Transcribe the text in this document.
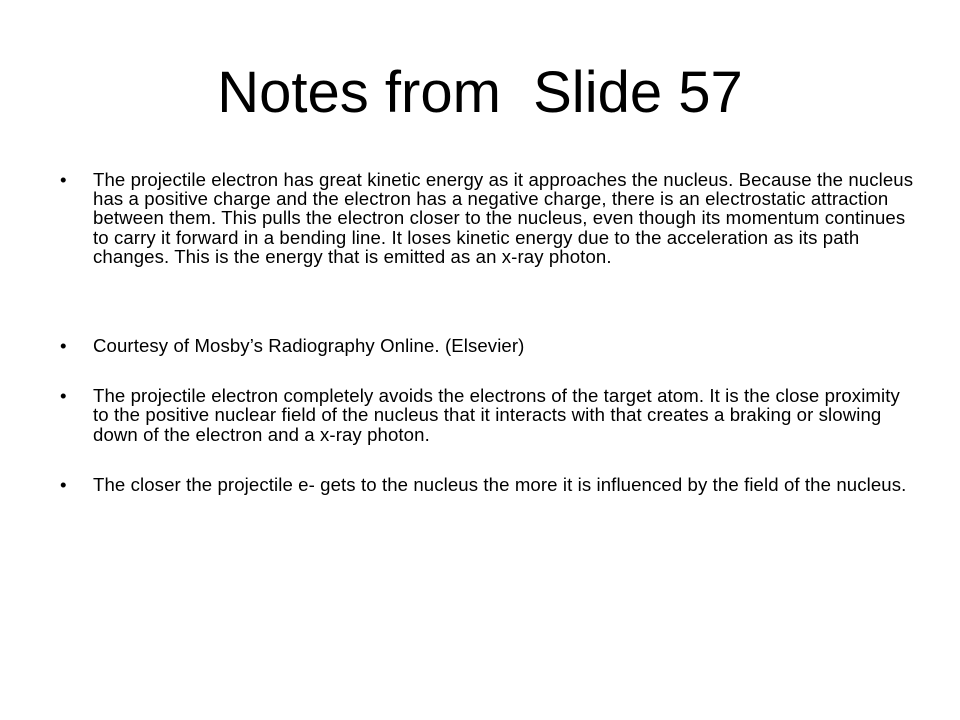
Notes from  Slide 57
•	The projectile electron has great kinetic energy as it approaches the nucleus. Because the nucleus has a positive charge and the electron has a negative charge, there is an electrostatic attraction between them. This pulls the electron closer to the nucleus, even though its momentum continues to carry it forward in a bending line. It loses kinetic energy due to the acceleration as its path changes. This is the energy that is emitted as an x-ray photon.
•	Courtesy of Mosby’s Radiography Online. (Elsevier)
•	The projectile electron completely avoids the electrons of the target atom. It is the close proximity to the positive nuclear field of the nucleus that it interacts with that creates a braking or slowing down of the electron and a x-ray photon.
•	The closer the projectile e- gets to the nucleus the more it is influenced by the field of the nucleus.
